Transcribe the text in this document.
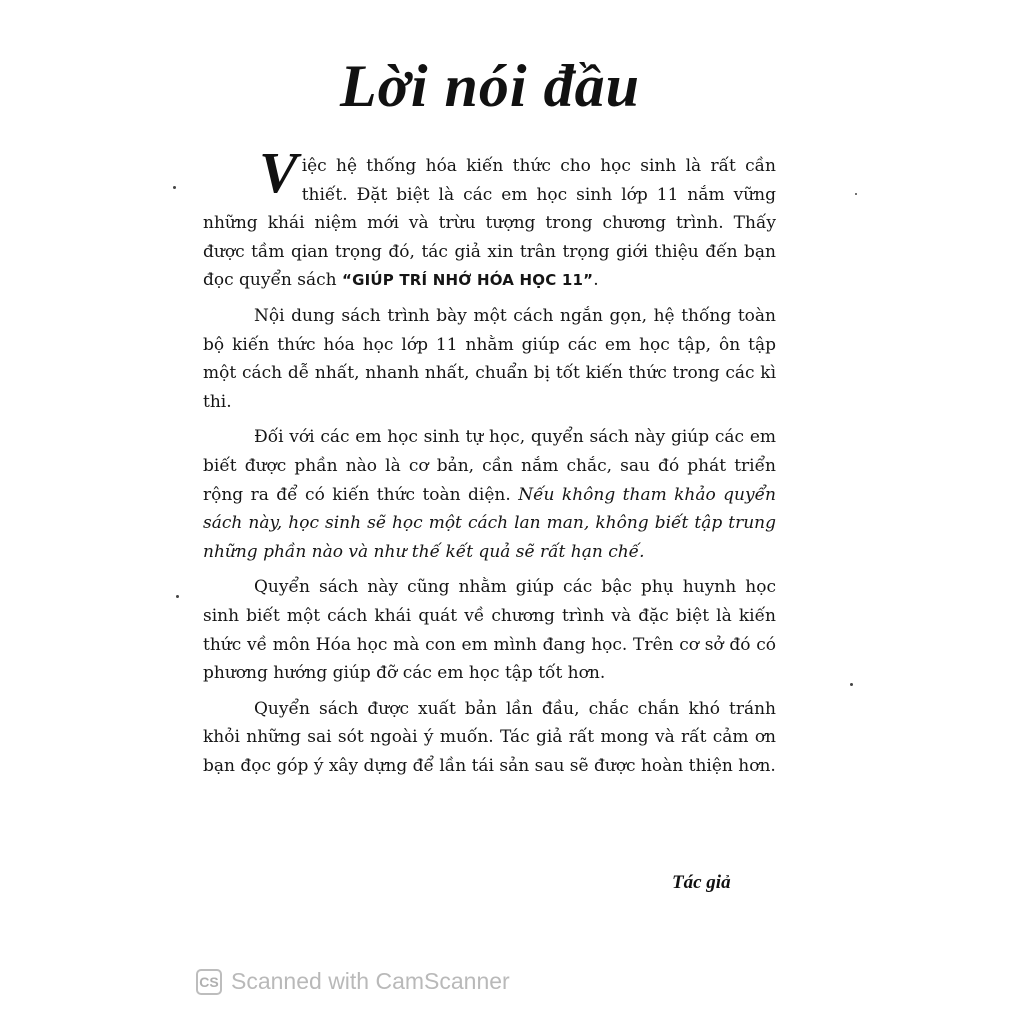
Lời nói đầu

Việc hệ thống hóa kiến thức cho học sinh là rất cần thiết. Đặt biệt là các em học sinh lớp 11 nắm vững những khái niệm mới và trừu tượng trong chương trình. Thấy được tầm qian trọng đó, tác giả xin trân trọng giới thiệu đến bạn đọc quyển sách “GIÚP TRÍ NHỚ HÓA HỌC 11”.

Nội dung sách trình bày một cách ngắn gọn, hệ thống toàn bộ kiến thức hóa học lớp 11 nhằm giúp các em học tập, ôn tập một cách dễ nhất, nhanh nhất, chuẩn bị tốt kiến thức trong các kì thi.

Đối với các em học sinh tự học, quyển sách này giúp các em biết được phần nào là cơ bản, cần nắm chắc, sau đó phát triển rộng ra để có kiến thức toàn diện. Nếu không tham khảo quyển sách này, học sinh sẽ học một cách lan man, không biết tập trung những phần nào và như thế kết quả sẽ rất hạn chế.

Quyển sách này cũng nhằm giúp các bậc phụ huynh học sinh biết một cách khái quát về chương trình và đặc biệt là kiến thức về môn Hóa học mà con em mình đang học. Trên cơ sở đó có phương hướng giúp đỡ các em học tập tốt hơn.

Quyển sách được xuất bản lần đầu, chắc chắn khó tránh khỏi những sai sót ngoài ý muốn. Tác giả rất mong và rất cảm ơn bạn đọc góp ý xây dựng để lần tái sản sau sẽ được hoàn thiện hơn.

Tác giả
CS Scanned with CamScanner
